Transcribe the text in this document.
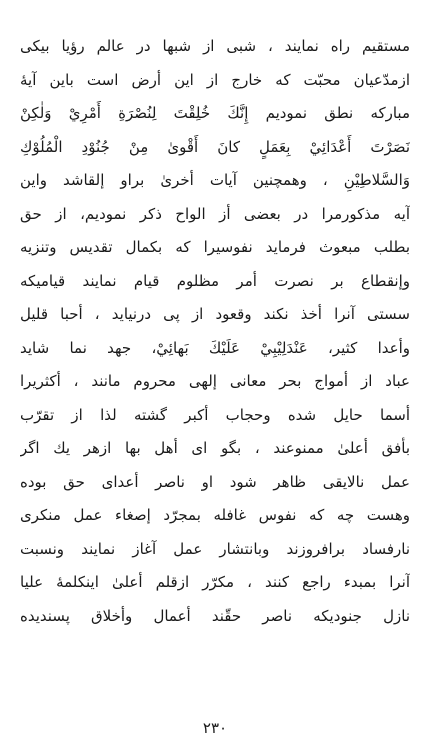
مستقیم راه نمایند ، شبی از شبها در عالم رؤیا بیکی
ازمدّعیان محبّت که خارج از این أرض است باین آیهٔ
مبارکه نطق نمودیم إِنَّكَ خُلِقْتَ لِنُصْرَةِ أَمْرِيْ وَلٰكِنْ
نَصَرْتَ أَعْدَائِيْ بِعَمَلٍ كانَ أَقْوىٰ مِنْ جُنُوْدِ الْمُلُوْكِ
وَالسَّلاطِيْنِ ، وهمچنین آیات أخرىٰ براو إلقاشد واین
آیه مذکورمرا در بعضی أز الواح ذکر نمودیم، از حق
بطلب مبعوث فرماید نفوسیرا که بکمال تقدیس وتنزیه
وإنقطاع بر نصرت أمر مظلوم قیام نمایند قیامیکه
سستی آنرا أخذ نکند وقعود از پی درنیاید ، أحبا قلیل
وأعدا کثیر، عَنْدَلِيْبِيْ عَلَيْكَ بَهائِيْ، جهد نما شاید
عباد از أمواج بحر معانی إلهی محروم مانند ، أکثریرا
أسما حایل شده وحجاب أکبر گشته لذا از تقرّب
بأفق أعلىٰ ممنوعند ، بگو ای أهل بها ازهر یك اگر
عمل نالایقی ظاهر شود او ناصر أعدای حق بوده
وهست چه که نفوس غافله بمجرّد إصغاء عمل منکری
نارفساد برافروزند وبانتشار عمل آغاز نمایند ونسبت
آنرا بمبدء راجع کنند ، مکرّر ازقلم أعلىٰ اینکلمهٔ علیا
نازل جنودیکه ناصر حقّند أعمال وأخلاق پسندیده
۲۳۰
